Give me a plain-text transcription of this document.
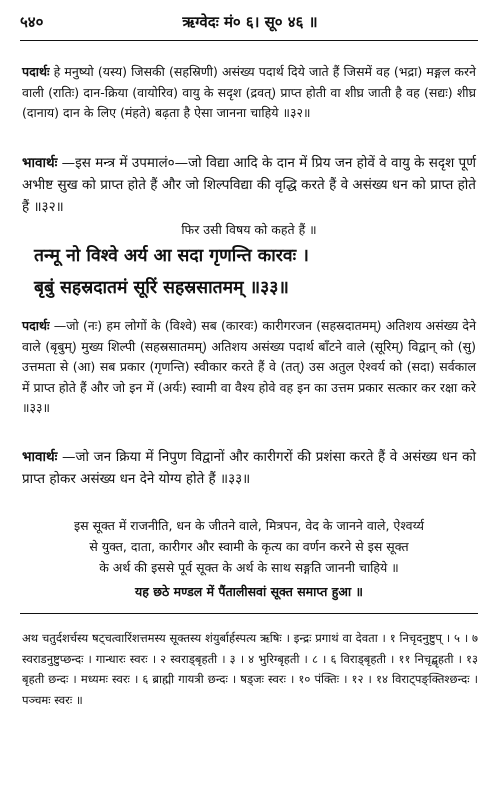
५४०	ऋग्वेदः मं० ६। सू० ४६ ॥
पदार्थः हे मनुष्यो (यस्य) जिसकी (सहस्रिणी) असंख्य पदार्थ दिये जाते हैं जिसमें वह (भद्रा) मङ्गल करने वाली (रातिः) दान-क्रिया (वायोरिव) वायु के सदृश (द्रवत्) प्राप्त होती वा शीघ्र जाती है वह (सद्यः) शीघ्र (दानाय) दान के लिए (मंहते) बढ़ता है ऐसा जानना चाहिये ॥३२॥
भावार्थः —इस मन्त्र में उपमालं०—जो विद्या आदि के दान में प्रिय जन होवें वे वायु के सदृश पूर्ण अभीष्ट सुख को प्राप्त होते हैं और जो शिल्पविद्या की वृद्धि करते हैं वे असंख्य धन को प्राप्त होते हैं ॥३२॥
फिर उसी विषय को कहते हैं ॥
तन्मू नो विश्वे अर्य आ सदा गृणन्ति कारवः ।
बृबुं सहस्रदातमं सूरिं सहस्रसातमम् ॥३३॥
पदार्थः —जो (नः) हम लोगों के (विश्वे) सब (कारवः) कारीगरजन (सहस्रदातमम्) अतिशय असंख्य देने वाले (बृबुम्) मुख्य शिल्पी (सहस्रसातमम्) अतिशय असंख्य पदार्थ बाँटने वाले (सूरिम्) विद्वान् को (सु) उत्तमता से (आ) सब प्रकार (गृणन्ति) स्वीकार करते हैं वे (तत्) उस अतुल ऐश्वर्य को (सदा) सर्वकाल में प्राप्त होते हैं और जो इन में (अर्यः) स्वामी वा वैश्य होवे वह इन का उत्तम प्रकार सत्कार कर रक्षा करे ॥३३॥
भावार्थः —जो जन क्रिया में निपुण विद्वानों और कारीगरों की प्रशंसा करते हैं वे असंख्य धन को प्राप्त होकर असंख्य धन देने योग्य होते हैं ॥३३॥
इस सूक्त में राजनीति, धन के जीतने वाले, मित्रपन, वेद के जानने वाले, ऐश्वर्य्य
से युक्त, दाता, कारीगर और स्वामी के कृत्य का वर्णन करने से इस सूक्त
के अर्थ की इससे पूर्व सूक्त के अर्थ के साथ सङ्गति जाननी चाहिये ॥
यह छठे मण्डल में पैंतालीसवां सूक्त समाप्त हुआ ॥
अथ चतुर्दशर्चस्य षट्चत्वारिंशत्तमस्य सूक्तस्य शंयुर्बार्हस्पत्य ऋषिः । इन्द्रः प्रगाथं वा देवता । १ निचृदनुष्टुप् । ५ । ७ स्वराडनुष्टुप्छन्दः । गान्धारः स्वरः । २ स्वराड्बृहती । ३ । ४ भुरिग्बृहती । ८ । ६ विराड्बृहती । ११ निचृद्बृहती । १३ बृहती छन्दः । मध्यमः स्वरः । ६ ब्राह्मी गायत्री छन्दः । षड्जः स्वरः । १० पंक्तिः । १२ । १४ विराट्पङ्क्तिश्छन्दः । पञ्चमः स्वरः ॥
